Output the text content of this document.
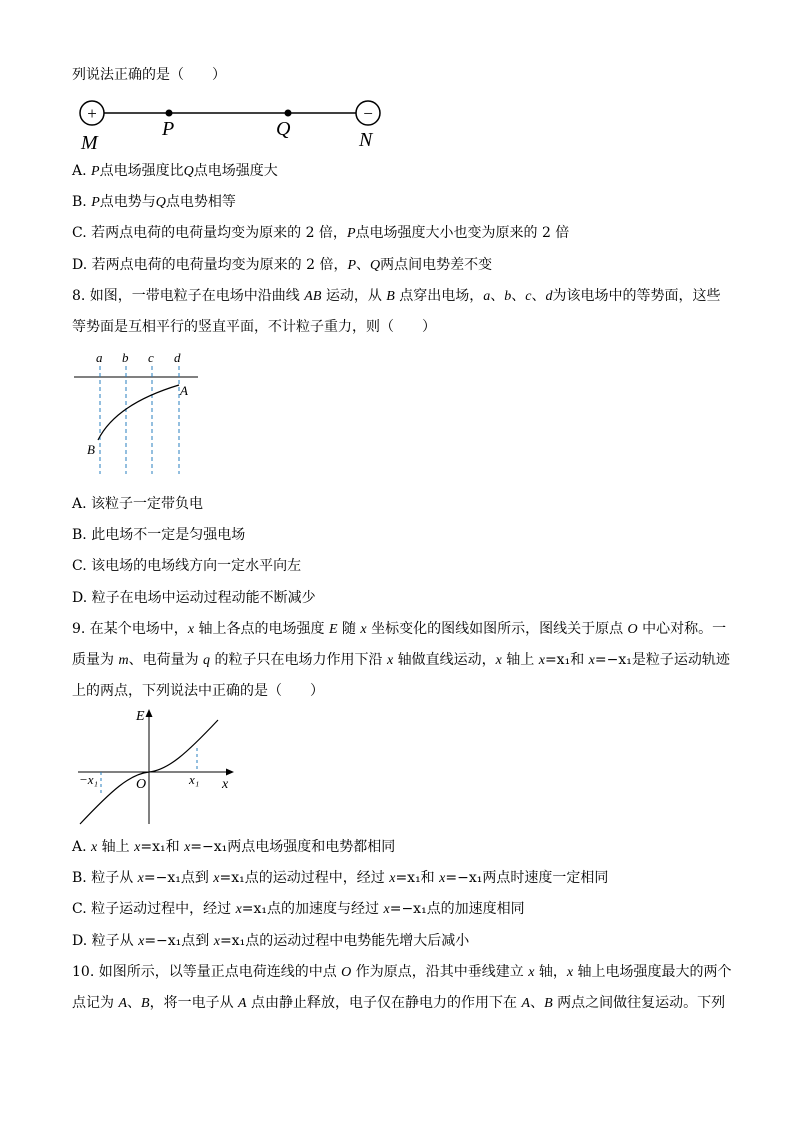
列说法正确的是（　　）
+	−
M
P	Q	N
A. P点电场强度比Q点电场强度大
B. P点电势与Q点电势相等
C. 若两点电荷的电荷量均变为原来的 2 倍，P点电场强度大小也变为原来的 2 倍
D. 若两点电荷的电荷量均变为原来的 2 倍，P、Q两点间电势差不变
8. 如图，一带电粒子在电场中沿曲线 AB 运动，从 B 点穿出电场，a、b、c、d为该电场中的等势面，这些
等势面是互相平行的竖直平面，不计粒子重力，则（　　）
a b c d
A
B
A. 该粒子一定带负电
B. 此电场不一定是匀强电场
C. 该电场的电场线方向一定水平向左
D. 粒子在电场中运动过程动能不断减少
9. 在某个电场中，x 轴上各点的电场强度 E 随 x 坐标变化的图线如图所示，图线关于原点 O 中心对称。一
质量为 m、电荷量为 q 的粒子只在电场力作用下沿 x 轴做直线运动，x 轴上 x=x₁和 x=−x₁是粒子运动轨迹
上的两点，下列说法中正确的是（　　）
E
x
O	x₁
−x₁
A. x 轴上 x=x₁和 x=−x₁两点电场强度和电势都相同
B. 粒子从 x=−x₁点到 x=x₁点的运动过程中，经过 x=x₁和 x=−x₁两点时速度一定相同
C. 粒子运动过程中，经过 x=x₁点的加速度与经过 x=−x₁点的加速度相同
D. 粒子从 x=−x₁点到 x=x₁点的运动过程中电势能先增大后减小
10. 如图所示，以等量正点电荷连线的中点 O 作为原点，沿其中垂线建立 x 轴，x 轴上电场强度最大的两个
点记为 A、B，将一电子从 A 点由静止释放，电子仅在静电力的作用下在 A、B 两点之间做往复运动。下列
